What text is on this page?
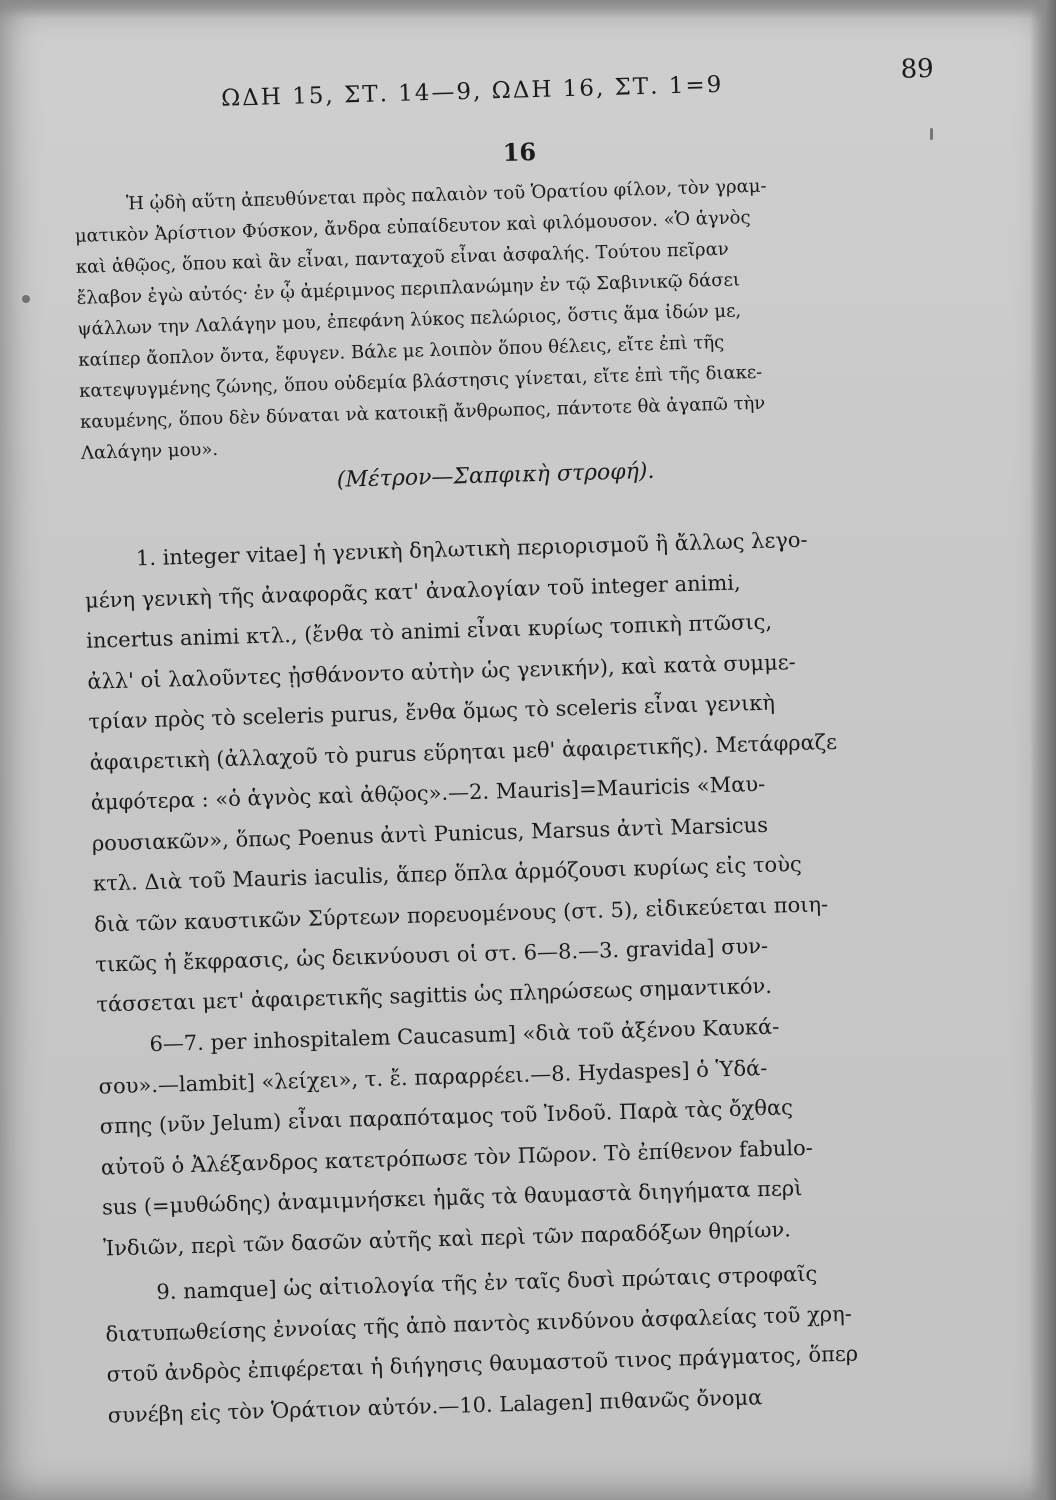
ΩΔΗ 15, ΣΤ. 14—9, ΩΔΗ 16, ΣΤ. 1=9
89
16
Ἡ ᾠδὴ αὕτη ἀπευθύνεται πρὸς παλαιὸν τοῦ Ὁρατίου φίλον, τὸν γραμ-
ματικὸν Ἀρίστιον Φύσκον, ἄνδρα εὐπαίδευτον καὶ φιλόμουσον. «Ὁ ἁγνὸς
καὶ ἀθῷος, ὅπου καὶ ἂν εἶναι, πανταχοῦ εἶναι ἀσφαλής. Τούτου πεῖραν
ἔλαβον ἐγὼ αὐτός· ἐν ᾧ ἀμέριμνος περιπλανώμην ἐν τῷ Σαβινικῷ δάσει
ψάλλων την Λαλάγην μου, ἐπεφάνη λύκος πελώριος, ὅστις ἅμα ἰδών με,
καίπερ ἄοπλον ὄντα, ἔφυγεν. Βάλε με λοιπὸν ὅπου θέλεις, εἴτε ἐπὶ τῆς
κατεψυγμένης ζώνης, ὅπου οὐδεμία βλάστησις γίνεται, εἴτε ἐπὶ τῆς διακε-
καυμένης, ὅπου δὲν δύναται νὰ κατοικῇ ἄνθρωπος, πάντοτε θὰ ἀγαπῶ τὴν
Λαλάγην μου».
(Μέτρον—Σαπφικὴ στροφή).
1. integer vitae] ἡ γενικὴ δηλωτικὴ περιορισμοῦ ἢ ἄλλως λεγο-
μένη γενικὴ τῆς ἀναφορᾶς κατ' ἀναλογίαν τοῦ integer animi,
incertus animi κτλ., (ἔνθα τὸ animi εἶναι κυρίως τοπικὴ πτῶσις,
ἀλλ' οἱ λαλοῦντες ᾐσθάνοντο αὐτὴν ὡς γενικήν), καὶ κατὰ συμμε-
τρίαν πρὸς τὸ sceleris purus, ἔνθα ὅμως τὸ sceleris εἶναι γενικὴ
ἀφαιρετικὴ (ἀλλαχοῦ τὸ purus εὕρηται μεθ' ἀφαιρετικῆς). Μετάφραζε
ἀμφότερα : «ὁ ἁγνὸς καὶ ἀθῷος».—2. Mauris]=Mauricis «Μαυ-
ρουσιακῶν», ὅπως Poenus ἀντὶ Punicus, Marsus ἀντὶ Marsicus
κτλ. Διὰ τοῦ Mauris iaculis, ἅπερ ὅπλα ἁρμόζουσι κυρίως εἰς τοὺς
διὰ τῶν καυστικῶν Σύρτεων πορευομένους (στ. 5), εἰδικεύεται ποιη-
τικῶς ἡ ἔκφρασις, ὡς δεικνύουσι οἱ στ. 6—8.—3. gravida] συν-
τάσσεται μετ' ἀφαιρετικῆς sagittis ὡς πληρώσεως σημαντικόν.
6—7. per inhospitalem Caucasum] «διὰ τοῦ ἀξένου Καυκά-
σου».—lambit] «λείχει», τ. ἔ. παραρρέει.—8. Hydaspes] ὁ Ὑδά-
σπης (νῦν Jelum) εἶναι παραπόταμος τοῦ Ἰνδοῦ. Παρὰ τὰς ὄχθας
αὐτοῦ ὁ Ἀλέξανδρος κατετρόπωσε τὸν Πῶρον. Τὸ ἐπίθενον fabulo-
sus (=μυθώδης) ἀναμιμνήσκει ἡμᾶς τὰ θαυμαστὰ διηγήματα περὶ
Ἰνδιῶν, περὶ τῶν δασῶν αὐτῆς καὶ περὶ τῶν παραδόξων θηρίων.
9. namque] ὡς αἰτιολογία τῆς ἐν ταῖς δυσὶ πρώταις στροφαῖς
διατυπωθείσης ἐννοίας τῆς ἀπὸ παντὸς κινδύνου ἀσφαλείας τοῦ χρη-
στοῦ ἀνδρὸς ἐπιφέρεται ἡ διήγησις θαυμαστοῦ τινος πράγματος, ὅπερ
συνέβη εἰς τὸν Ὁράτιον αὐτόν.—10. Lalagen] πιθανῶς ὄνομα
